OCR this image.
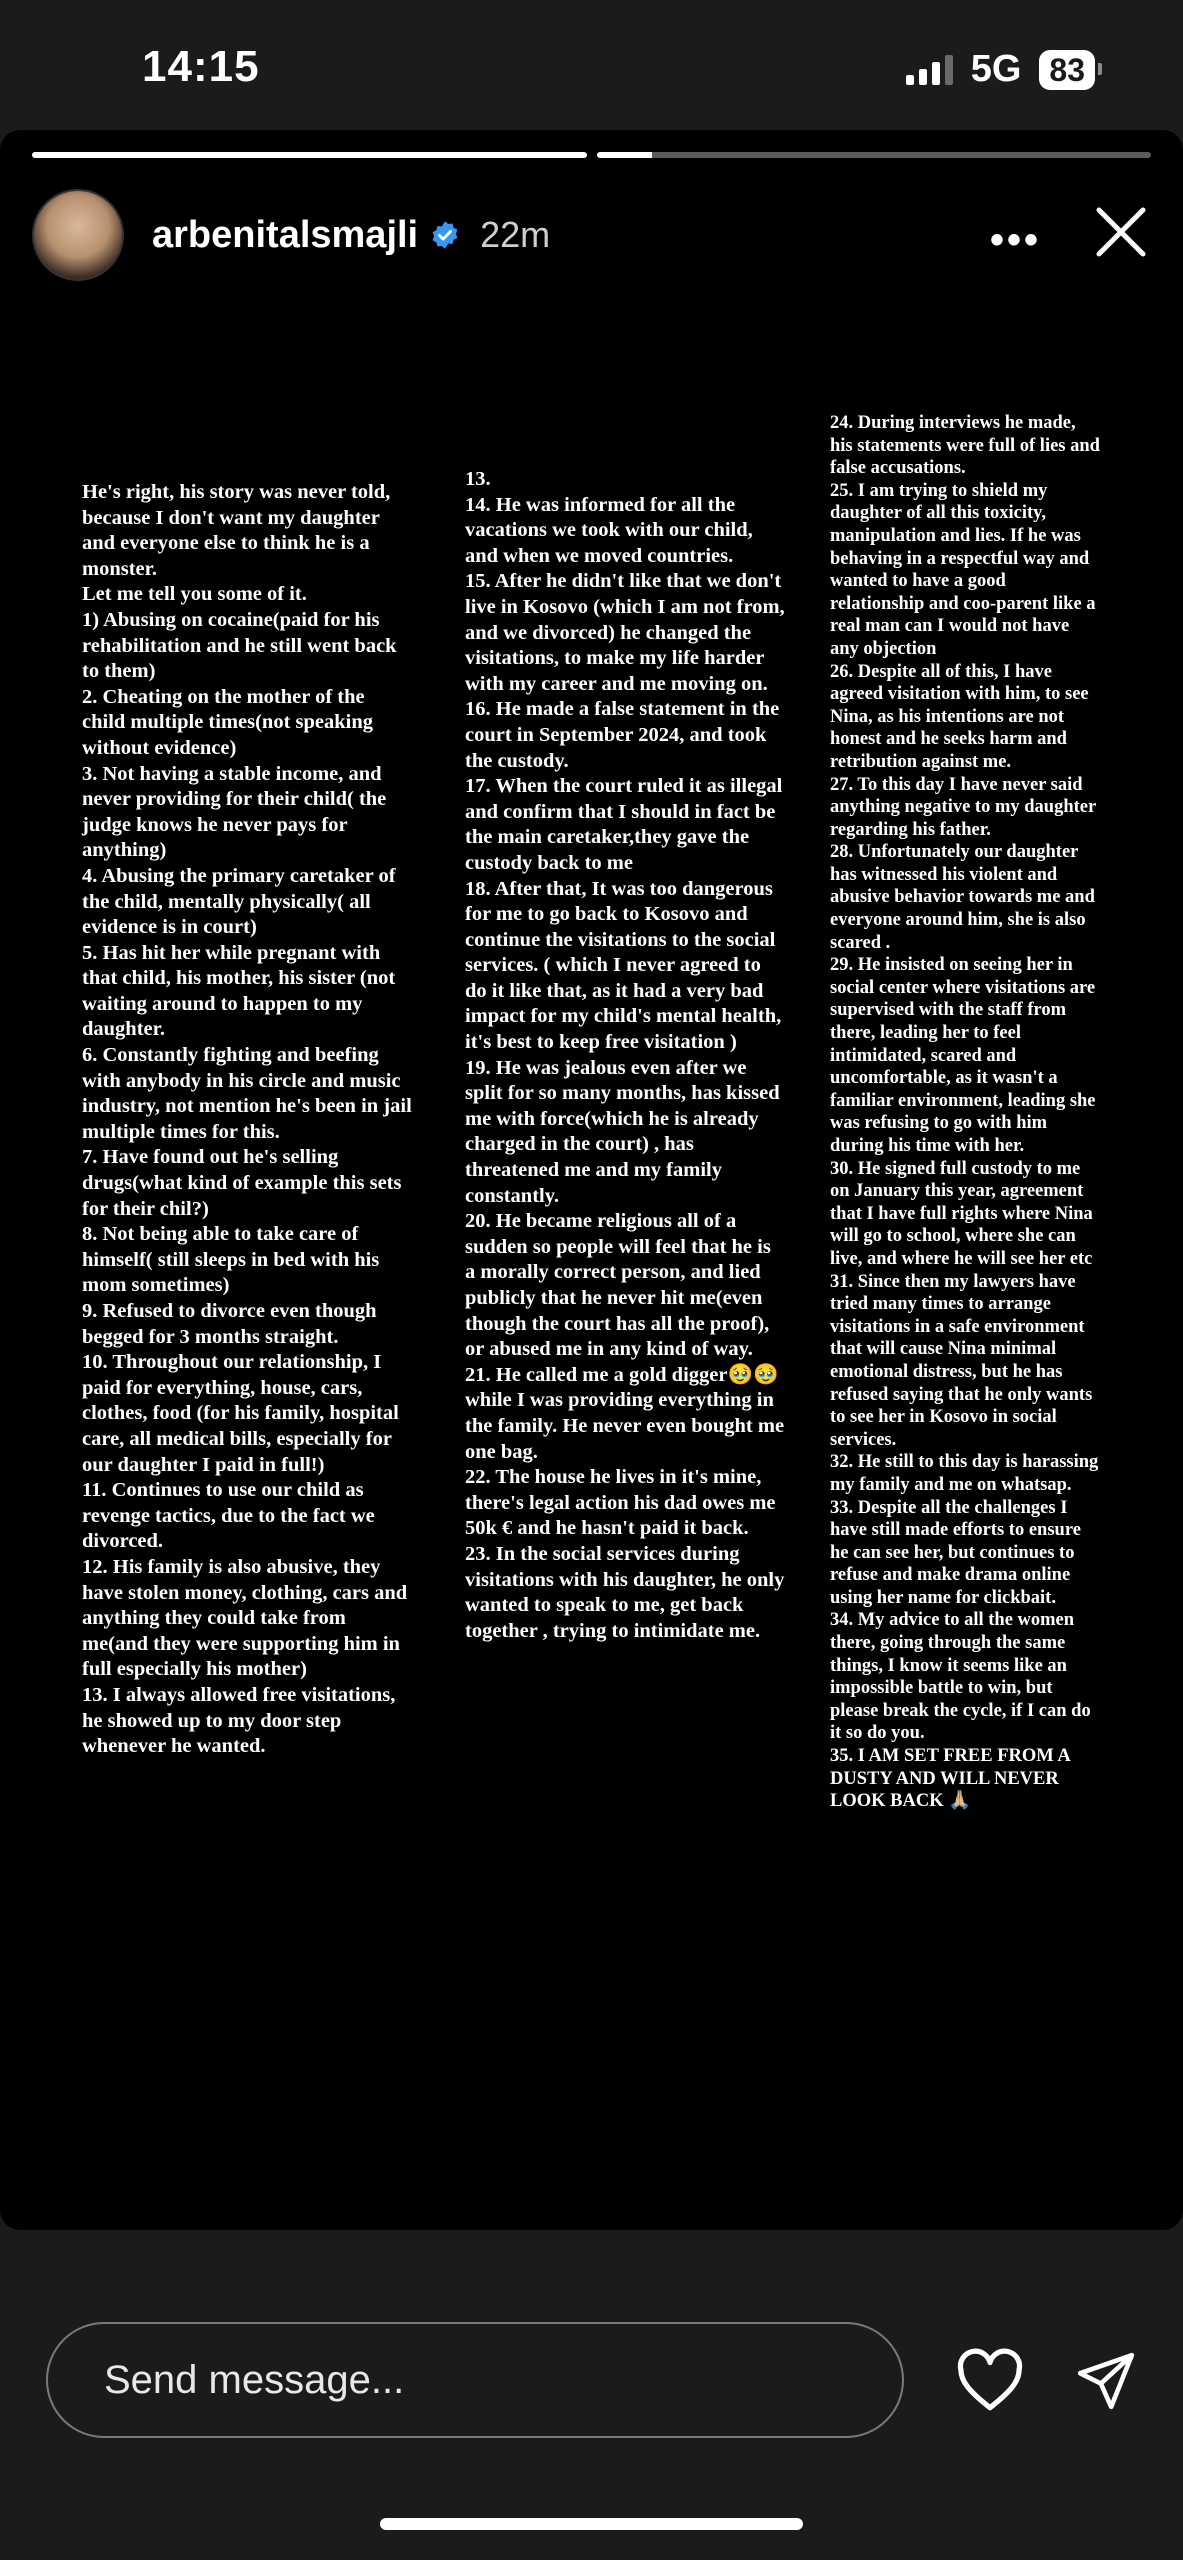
14:15	5G 83
arbenitalsmajli 22m	•••
He's right, his story was never told, because I don't want my daughter and everyone else to think he is a monster.
Let me tell you some of it.
1) Abusing on cocaine(paid for his rehabilitation and he still went back to them)
2. Cheating on the mother of the child multiple times(not speaking without evidence)
3. Not having a stable income, and never providing for their child( the judge knows he never pays for anything)
4. Abusing the primary caretaker of the child, mentally physically( all evidence is in court)
5. Has hit her while pregnant with that child, his mother, his sister (not waiting around to happen to my daughter.
6. Constantly fighting and beefing with anybody in his circle and music industry, not mention he's been in jail multiple times for this.
7. Have found out he's selling drugs(what kind of example this sets for their chil?)
8. Not being able to take care of himself( still sleeps in bed with his mom sometimes)
9. Refused to divorce even though begged for 3 months straight.
10. Throughout our relationship, I paid for everything, house, cars, clothes, food (for his family, hospital care, all medical bills, especially for our daughter I paid in full!)
11. Continues to use our child as revenge tactics, due to the fact we divorced.
12. His family is also abusive, they have stolen money, clothing, cars and anything they could take from me(and they were supporting him in full especially his mother)
13. I always allowed free visitations, he showed up to my door step whenever he wanted.
13.
14. He was informed for all the vacations we took with our child, and when we moved countries.
15. After he didn't like that we don't live in Kosovo (which I am not from, and we divorced) he changed the visitations, to make my life harder with my career and me moving on.
16. He made a false statement in the court in September 2024, and took the custody.
17. When the court ruled it as illegal and confirm that I should in fact be the main caretaker,they gave the custody back to me
18. After that, It was too dangerous for me to go back to Kosovo and continue the visitations to the social services. ( which I never agreed to do it like that, as it had a very bad impact for my child's mental health, it's best to keep free visitation )
19. He was jealous even after we split for so many months, has kissed me with force(which he is already charged in the court) , has threatened me and my family constantly.
20. He became religious all of a sudden so people will feel that he is a morally correct person, and lied publicly that he never hit me(even though the court has all the proof), or abused me in any kind of way.
21. He called me a gold digger🥹🥹 while I was providing everything in the family. He never even bought me one bag.
22. The house he lives in it's mine, there's legal action his dad owes me 50k € and he hasn't paid it back.
23. In the social services during visitations with his daughter, he only wanted to speak to me, get back together , trying to intimidate me.
24. During interviews he made, his statements were full of lies and false accusations.
25. I am trying to shield my daughter of all this toxicity, manipulation and lies. If he was behaving in a respectful way and wanted to have a good relationship and coo-parent like a real man can I would not have any objection
26. Despite all of this, I have agreed visitation with him, to see Nina, as his intentions are not honest and he seeks harm and retribution against me.
27. To this day I have never said anything negative to my daughter regarding his father.
28. Unfortunately our daughter has witnessed his violent and abusive behavior towards me and everyone around him, she is also scared .
29. He insisted on seeing her in social center where visitations are supervised with the staff from there, leading her to feel intimidated, scared and uncomfortable, as it wasn't a familiar environment, leading she was refusing to go with him during his time with her.
30. He signed full custody to me on January this year, agreement that I have full rights where Nina will go to school, where she can live, and where he will see her etc
31. Since then my lawyers have tried many times to arrange visitations in a safe environment that will cause Nina minimal emotional distress, but he has refused saying that he only wants to see her in Kosovo in social services.
32. He still to this day is harassing my family and me on whatsap.
33. Despite all the challenges I have still made efforts to ensure he can see her, but continues to refuse and make drama online using her name for clickbait.
34. My advice to all the women there, going through the same things, I know it seems like an impossible battle to win, but please break the cycle, if I can do it so do you.
35. I AM SET FREE FROM A DUSTY AND WILL NEVER LOOK BACK 🙏🏼
Send message...
